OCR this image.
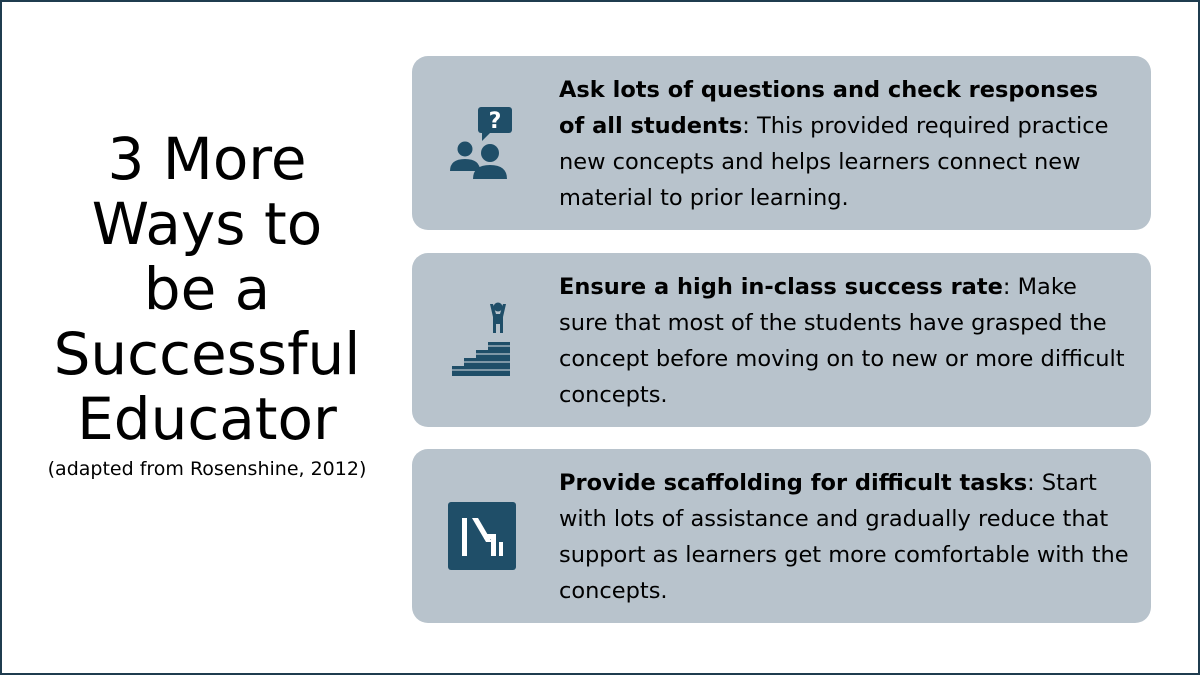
3 More
Ways to
be a
Successful
Educator
(adapted from Rosenshine, 2012)
?
Ask lots of questions and check responses of all students: This provided required practice new concepts and helps learners connect new material to prior learning.
Ensure a high in-class success rate: Make sure that most of the students have grasped the concept before moving on to new or more difficult concepts.
Provide scaffolding for difficult tasks: Start with lots of assistance and gradually reduce that support as learners get more comfortable with the concepts.
